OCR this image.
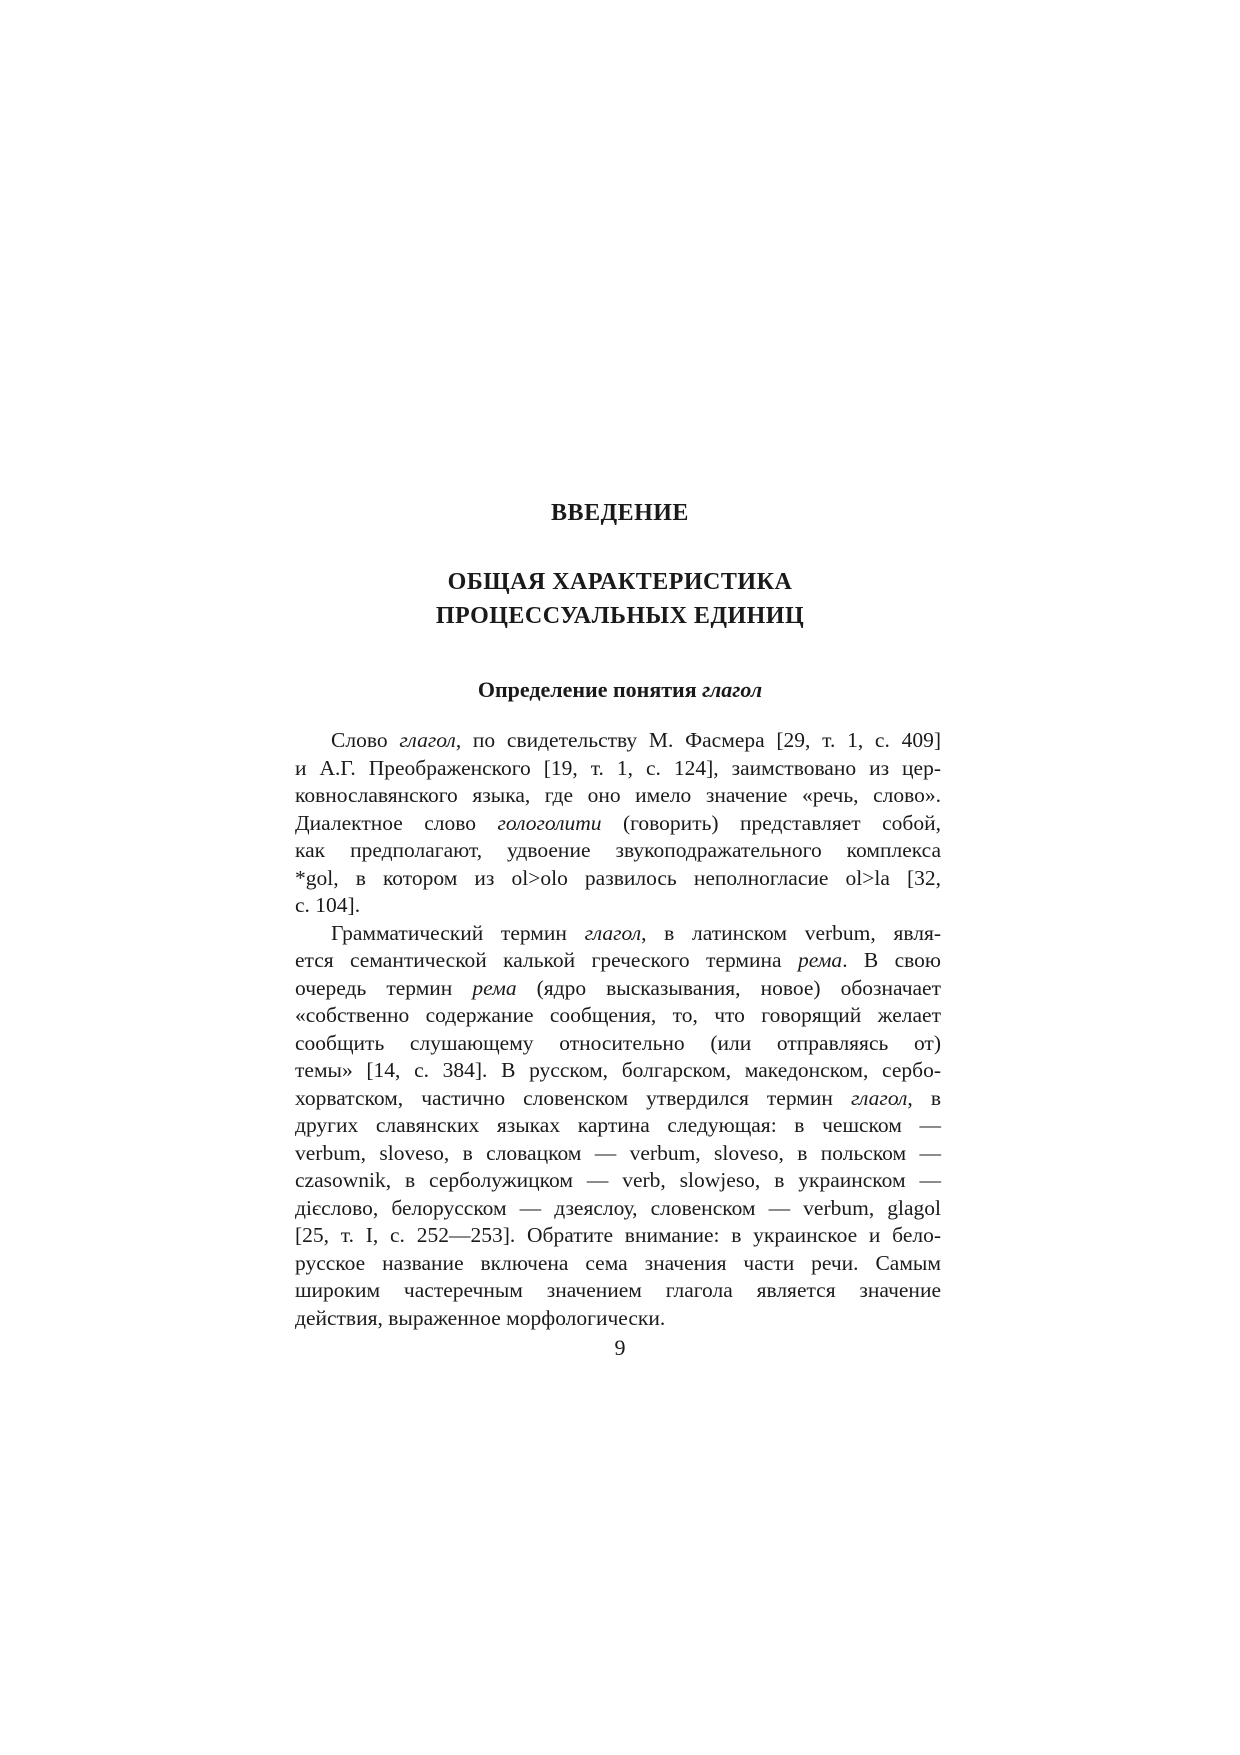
ВВЕДЕНИЕ
ОБЩАЯ ХАРАКТЕРИСТИКА
ПРОЦЕССУАЛЬНЫХ ЕДИНИЦ
Определение понятия глагол
Слово глагол, по свидетельству М. Фасмера [29, т. 1, с. 409]
и А.Г. Преображенского [19, т. 1, с. 124], заимствовано из цер-
ковнославянского языка, где оно имело значение «речь, слово».
Диалектное слово гологолити (говорить) представляет собой,
как предполагают, удвоение звукоподражательного комплекса
*gol, в котором из ol>olo развилось неполногласие ol>la [32,
с. 104].
Грамматический термин глагол, в латинском verbum, явля-
ется семантической калькой греческого термина рема. В свою
очередь термин рема (ядро высказывания, новое) обозначает
«собственно содержание сообщения, то, что говорящий желает
сообщить слушающему относительно (или отправляясь от)
темы» [14, с. 384]. В русском, болгарском, македонском, сербо-
хорватском, частично словенском утвердился термин глагол, в
других славянских языках картина следующая: в чешском —
verbum, sloveso, в словацком — verbum, sloveso, в польском —
czasownik, в серболужицком — verb, slowjeso, в украинском —
дієслово, белорусском — дзеяслоу, словенском — verbum, glagol
[25, т. I, с. 252—253]. Обратите внимание: в украинское и бело-
русское название включена сема значения части речи. Самым
широким частеречным значением глагола является значение
действия, выраженное морфологически.
9
